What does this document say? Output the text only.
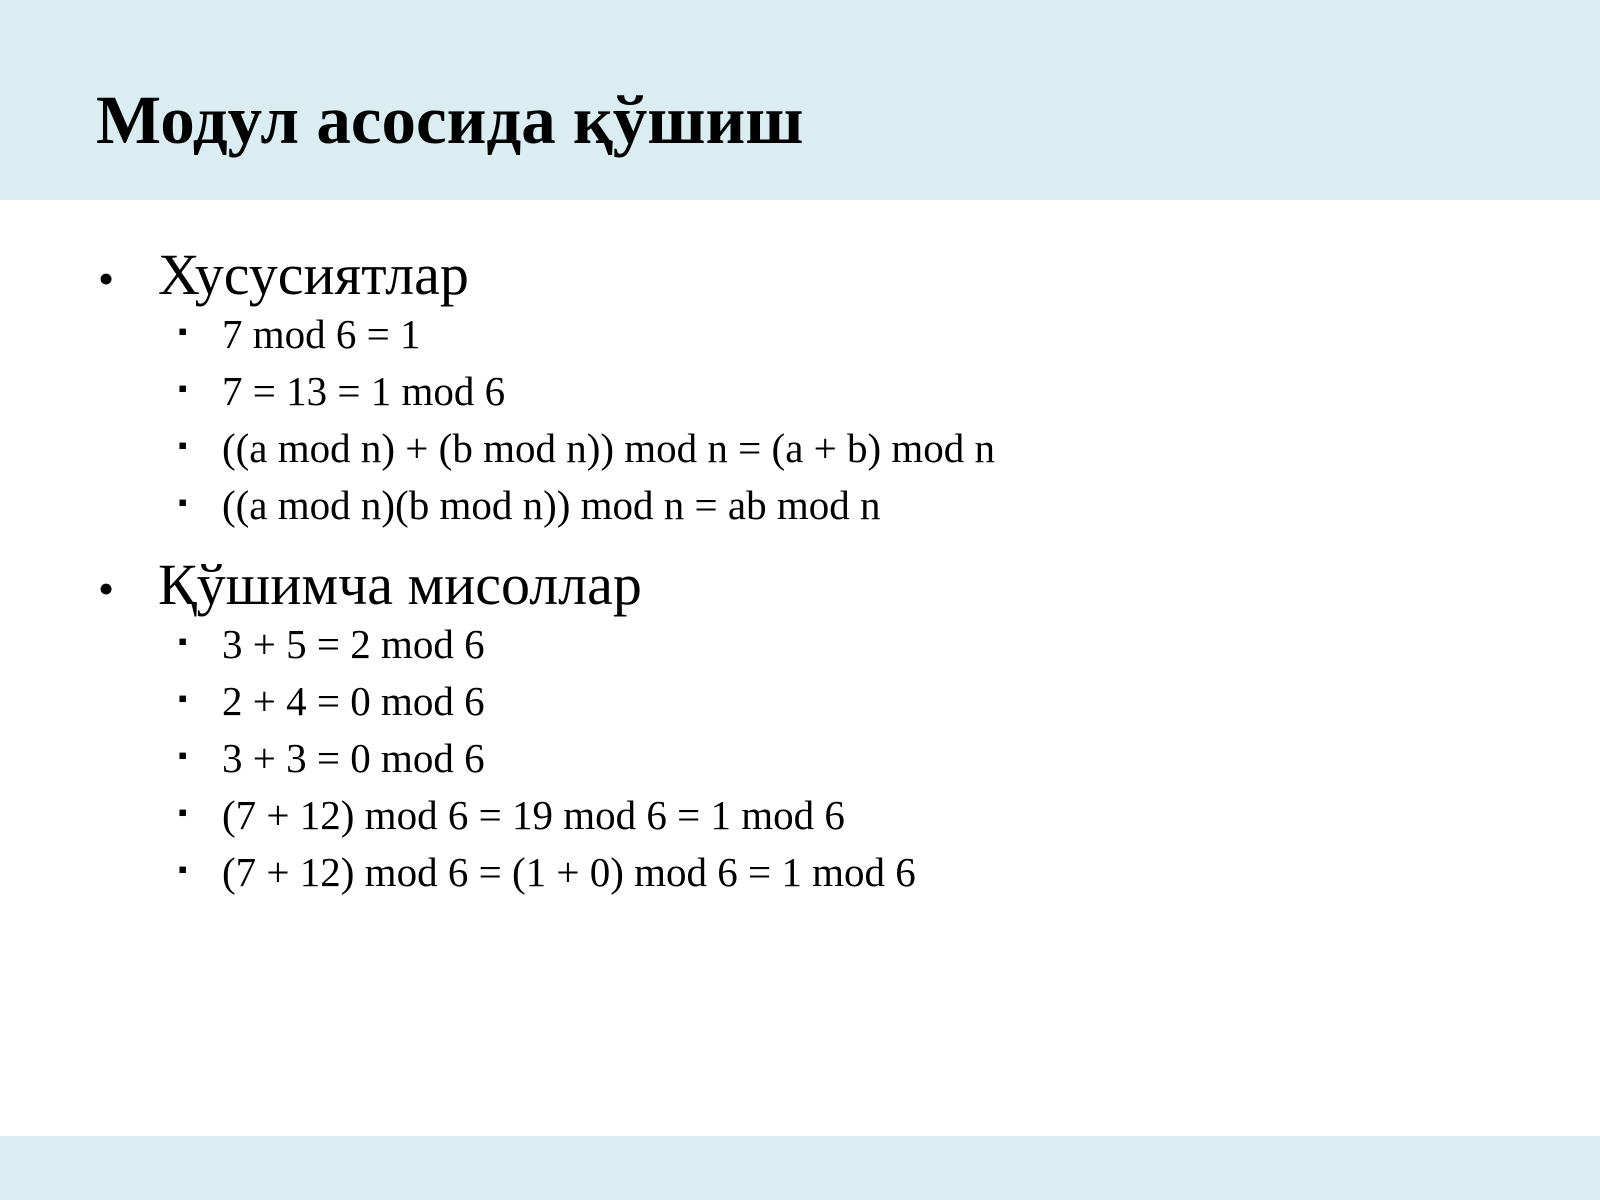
Модул асосида қўшиш
• Хусусиятлар
▪ 7 mod 6 = 1
▪ 7 = 13 = 1 mod 6
▪ ((a mod n) + (b mod n)) mod n = (a + b) mod n
▪ ((a mod n)(b mod n)) mod n = ab mod n
• Қўшимча мисоллар
▪ 3 + 5 = 2 mod 6
▪ 2 + 4 = 0 mod 6
▪ 3 + 3 = 0 mod 6
▪ (7 + 12) mod 6 = 19 mod 6 = 1 mod 6
▪ (7 + 12) mod 6 = (1 + 0) mod 6 = 1 mod 6
